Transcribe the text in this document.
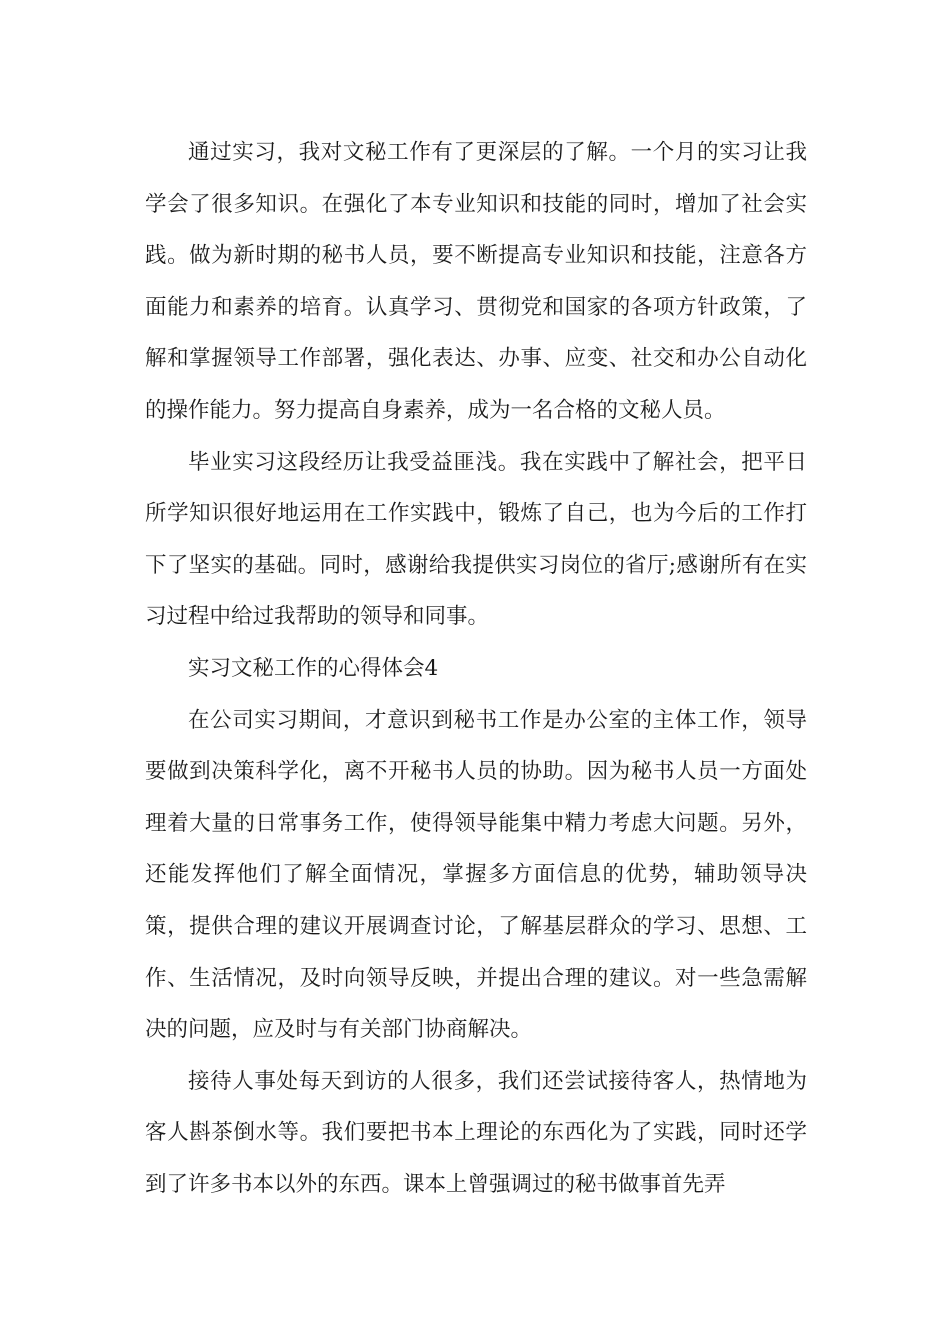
通过实习，我对文秘工作有了更深层的了解。一个月的实习让我学会了很多知识。在强化了本专业知识和技能的同时，增加了社会实践。做为新时期的秘书人员，要不断提高专业知识和技能，注意各方面能力和素养的培育。认真学习、贯彻党和国家的各项方针政策，了解和掌握领导工作部署，强化表达、办事、应变、社交和办公自动化的操作能力。努力提高自身素养，成为一名合格的文秘人员。

毕业实习这段经历让我受益匪浅。我在实践中了解社会，把平日所学知识很好地运用在工作实践中，锻炼了自己，也为今后的工作打下了坚实的基础。同时，感谢给我提供实习岗位的省厅;感谢所有在实习过程中给过我帮助的领导和同事。

实习文秘工作的心得体会4

在公司实习期间，才意识到秘书工作是办公室的主体工作，领导要做到决策科学化，离不开秘书人员的协助。因为秘书人员一方面处理着大量的日常事务工作，使得领导能集中精力考虑大问题。另外，还能发挥他们了解全面情况，掌握多方面信息的优势，辅助领导决策，提供合理的建议开展调查讨论，了解基层群众的学习、思想、工作、生活情况，及时向领导反映，并提出合理的建议。对一些急需解决的问题，应及时与有关部门协商解决。

接待人事处每天到访的人很多，我们还尝试接待客人，热情地为客人斟茶倒水等。我们要把书本上理论的东西化为了实践，同时还学到了许多书本以外的东西。课本上曾强调过的秘书做事首先弄
